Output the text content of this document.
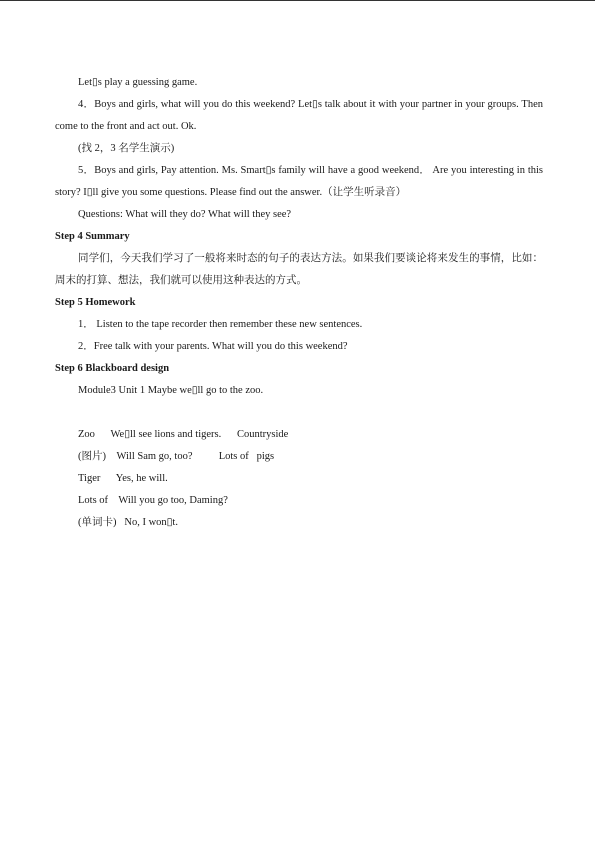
Let▯s play a guessing game.

4．Boys and girls, what will you do this weekend? Let▯s talk about it with your partner in your groups. Then come to the front and act out. Ok.

(找 2，3 名学生演示)

5．Boys and girls, Pay attention. Ms. Smart▯s family will have a good weekend． Are you interesting in this story? I▯ll give you some questions. Please find out the answer.（让学生听录音）

Questions: What will they do? What will they see?

Step 4 Summary

同学们，今天我们学习了一般将来时态的句子的表达方法。如果我们要谈论将来发生的事情，比如：周末的打算、想法，我们就可以使用这种表达的方式。

Step 5 Homework

1． Listen to the tape recorder then remember these new sentences.

2．Free talk with your parents. What will you do this weekend?

Step 6 Blackboard design

Module3 Unit 1 Maybe we▯ll go to the zoo.

Zoo      We▯ll see lions and tigers.      Countryside

(图片)    Will Sam go, too?          Lots of   pigs

Tiger      Yes, he will.

Lots of    Will you go too, Daming?

(单词卡)   No, I won▯t.
